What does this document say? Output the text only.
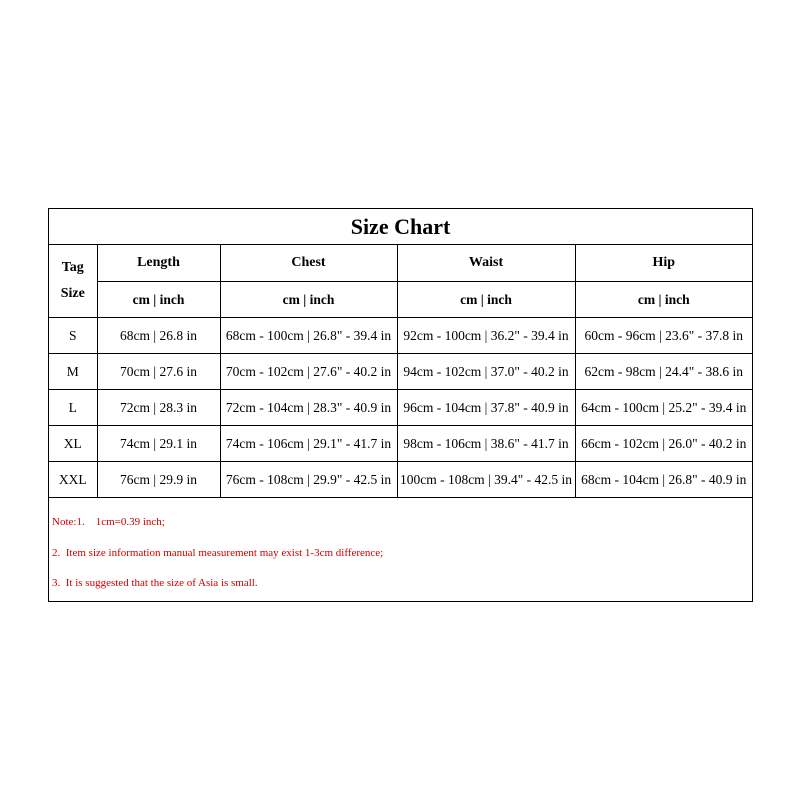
Size Chart
Tag
Size	Length	Chest	Waist	Hip
	cm | inch	cm | inch	cm | inch	cm | inch
S	68cm | 26.8 in	68cm - 100cm | 26.8" - 39.4 in	92cm - 100cm | 36.2" - 39.4 in	60cm - 96cm | 23.6" - 37.8 in
M	70cm | 27.6 in	70cm - 102cm | 27.6" - 40.2 in	94cm - 102cm | 37.0" - 40.2 in	62cm - 98cm | 24.4" - 38.6 in
L	72cm | 28.3 in	72cm - 104cm | 28.3" - 40.9 in	96cm - 104cm | 37.8" - 40.9 in	64cm - 100cm | 25.2" - 39.4 in
XL	74cm | 29.1 in	74cm - 106cm | 29.1" - 41.7 in	98cm - 106cm | 38.6" - 41.7 in	66cm - 102cm | 26.0" - 40.2 in
XXL	76cm | 29.9 in	76cm - 108cm | 29.9" - 42.5 in	100cm - 108cm | 39.4" - 42.5 in	68cm - 104cm | 26.8" - 40.9 in
Note:1.    1cm=0.39 inch;
2.  Item size information manual measurement may exist 1-3cm difference;
3.  It is suggested that the size of Asia is small.
